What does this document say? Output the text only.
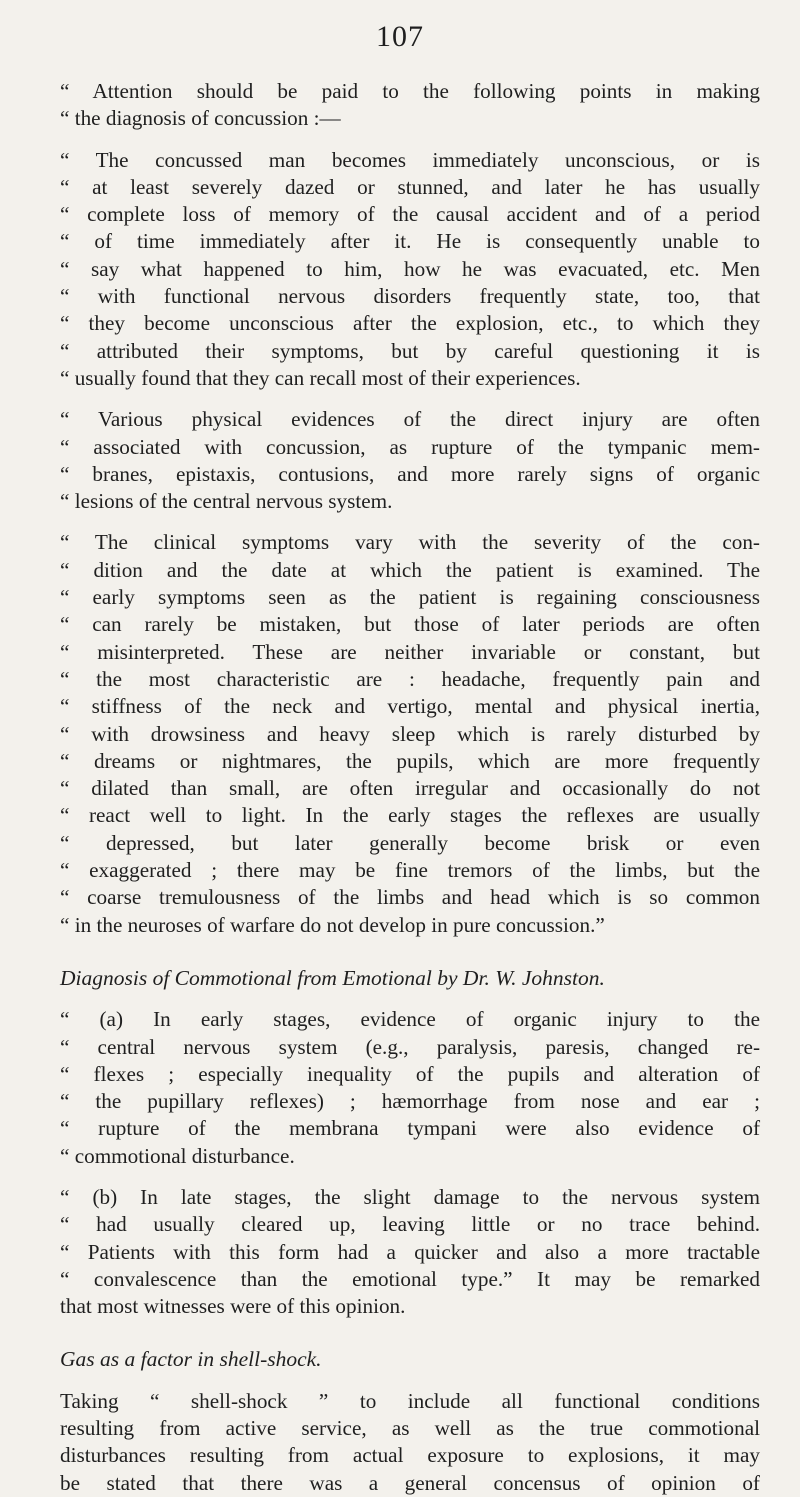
107
“ Attention should be paid to the following points in making
“ the diagnosis of concussion :—
“ The concussed man becomes immediately unconscious, or is
“ at least severely dazed or stunned, and later he has usually
“ complete loss of memory of the causal accident and of a period
“ of time immediately after it. He is consequently unable to
“ say what happened to him, how he was evacuated, etc. Men
“ with functional nervous disorders frequently state, too, that
“ they become unconscious after the explosion, etc., to which they
“ attributed their symptoms, but by careful questioning it is
“ usually found that they can recall most of their experiences.
“ Various physical evidences of the direct injury are often
“ associated with concussion, as rupture of the tympanic mem-
“ branes, epistaxis, contusions, and more rarely signs of organic
“ lesions of the central nervous system.
“ The clinical symptoms vary with the severity of the con-
“ dition and the date at which the patient is examined. The
“ early symptoms seen as the patient is regaining consciousness
“ can rarely be mistaken, but those of later periods are often
“ misinterpreted. These are neither invariable or constant, but
“ the most characteristic are : headache, frequently pain and
“ stiffness of the neck and vertigo, mental and physical inertia,
“ with drowsiness and heavy sleep which is rarely disturbed by
“ dreams or nightmares, the pupils, which are more frequently
“ dilated than small, are often irregular and occasionally do not
“ react well to light. In the early stages the reflexes are usually
“ depressed, but later generally become brisk or even
“ exaggerated ; there may be fine tremors of the limbs, but the
“ coarse tremulousness of the limbs and head which is so common
“ in the neuroses of warfare do not develop in pure concussion.”
Diagnosis of Commotional from Emotional by Dr. W. Johnston.
“ (a) In early stages, evidence of organic injury to the
“ central nervous system (e.g., paralysis, paresis, changed re-
“ flexes ; especially inequality of the pupils and alteration of
“ the pupillary reflexes) ; hæmorrhage from nose and ear ;
“ rupture of the membrana tympani were also evidence of
“ commotional disturbance.
“ (b) In late stages, the slight damage to the nervous system
“ had usually cleared up, leaving little or no trace behind.
“ Patients with this form had a quicker and also a more tractable
“ convalescence than the emotional type.” It may be remarked
that most witnesses were of this opinion.
Gas as a factor in shell-shock.
Taking “ shell-shock ” to include all functional conditions
resulting from active service, as well as the true commotional
disturbances resulting from actual exposure to explosions, it may
be stated that there was a general concensus of opinion of
